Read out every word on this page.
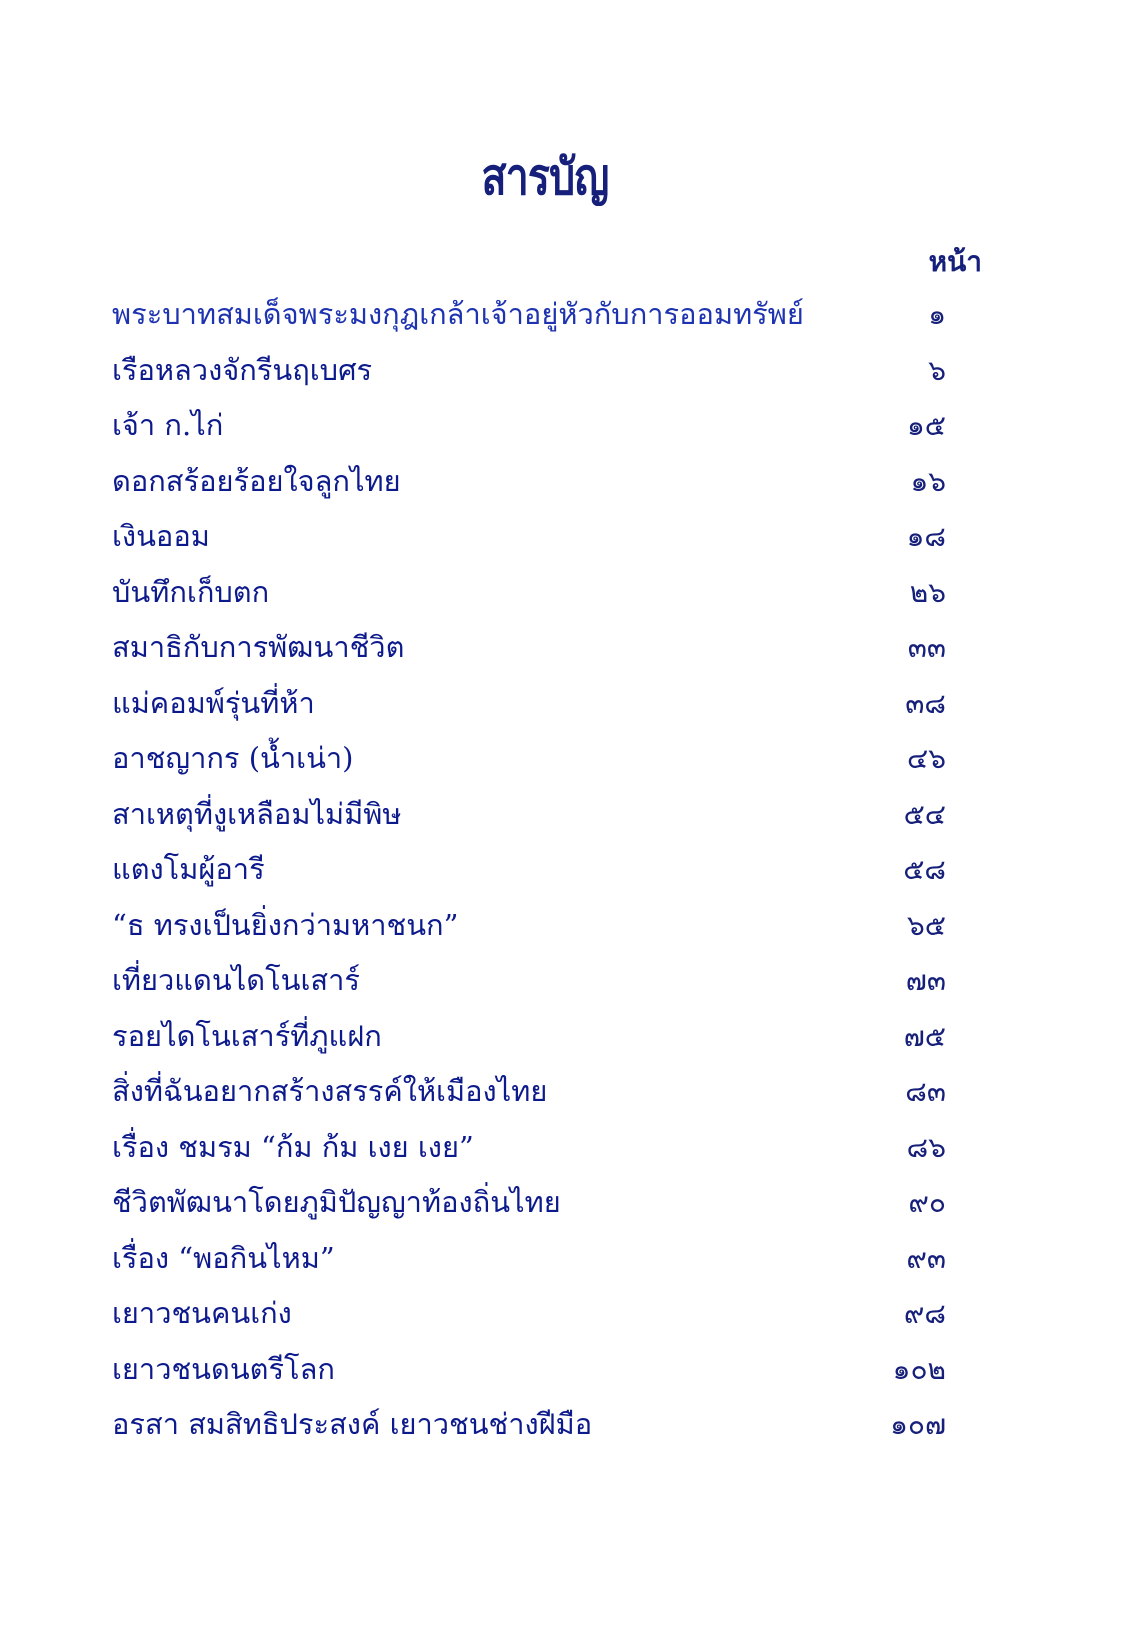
สารบัญ
หน้า
พระบาทสมเด็จพระมงกุฎเกล้าเจ้าอยู่หัวกับการออมทรัพย์	๑
เรือหลวงจักรีนฤเบศร	๖
เจ้า ก.ไก่	๑๕
ดอกสร้อยร้อยใจลูกไทย	๑๖
เงินออม	๑๘
บันทึกเก็บตก	๒๖
สมาธิกับการพัฒนาชีวิต	๓๓
แม่คอมพ์รุ่นที่ห้า	๓๘
อาชญากร (น้ำเน่า)	๔๖
สาเหตุที่งูเหลือมไม่มีพิษ	๕๔
แตงโมผู้อารี	๕๘
“ธ ทรงเป็นยิ่งกว่ามหาชนก”	๖๕
เที่ยวแดนไดโนเสาร์	๗๓
รอยไดโนเสาร์ที่ภูแฝก	๗๕
สิ่งที่ฉันอยากสร้างสรรค์ให้เมืองไทย	๘๓
เรื่อง ชมรม “ก้ม ก้ม เงย เงย”	๘๖
ชีวิตพัฒนาโดยภูมิปัญญาท้องถิ่นไทย	๙๐
เรื่อง “พอกินไหม”	๙๓
เยาวชนคนเก่ง	๙๘
เยาวชนดนตรีโลก	๑๐๒
อรสา สมสิทธิประสงค์ เยาวชนช่างฝีมือ	๑๐๗
